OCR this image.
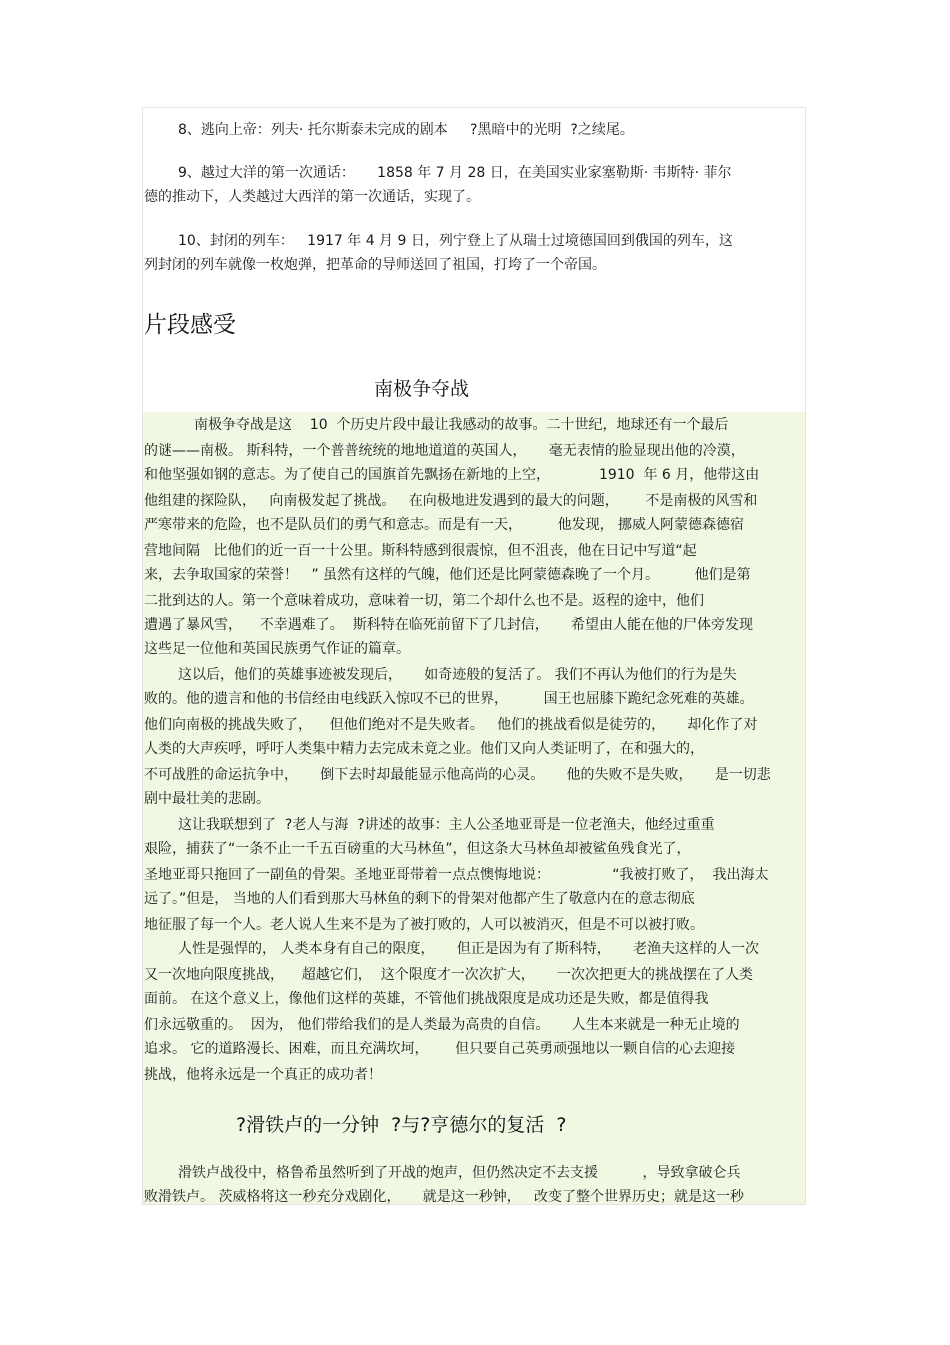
8、逃向上帝：列夫· 托尔斯泰未完成的剧本     ?黑暗中的光明  ?之续尾。
9、越过大洋的第一次通话：     1858 年 7 月 28 日，在美国实业家塞勒斯· 韦斯特· 菲尔
德的推动下，人类越过大西洋的第一次通话，实现了。
10、封闭的列车：   1917 年 4 月 9 日，列宁登上了从瑞士过境德国回到俄国的列车，这
列封闭的列车就像一枚炮弹，把革命的导师送回了祖国，打垮了一个帝国。
片段感受
南极争夺战
南极争夺战是这    10  个历史片段中最让我感动的故事。二十世纪，地球还有一个最后
的谜——南极。 斯科特，一个普普统统的地地道道的英国人，     毫无表情的脸显现出他的冷漠，
和他坚强如钢的意志。为了使自己的国旗首先飘扬在新地的上空，           1910  年 6 月，他带这由
他组建的探险队，   向南极发起了挑战。   在向极地进发遇到的最大的问题，      不是南极的风雪和
严寒带来的危险，也不是队员们的勇气和意志。而是有一天，        他发现， 挪威人阿蒙德森德宿
营地间隔   比他们的近一百一十公里。斯科特感到很震惊，但不沮丧，他在日记中写道“起
来，去争取国家的荣誉！   ” 虽然有这样的气魄，他们还是比阿蒙德森晚了一个月。        他们是第
二批到达的人。第一个意味着成功，意味着一切，第二个却什么也不是。返程的途中，他们
遭遇了暴风雪，    不幸遇难了。  斯科特在临死前留下了几封信，     希望由人能在他的尸体旁发现
这些足一位他和英国民族勇气作证的篇章。
这以后，他们的英雄事迹被发现后，     如奇迹般的复活了。 我们不再认为他们的行为是失
败的。他的遗言和他的书信经由电线跃入惊叹不已的世界，        国王也屈膝下跪纪念死难的英雄。
他们向南极的挑战失败了，    但他们绝对不是失败者。   他们的挑战看似是徒劳的，     却化作了对
人类的大声疾呼，呼吁人类集中精力去完成未竟之业。他们又向人类证明了，在和强大的，
不可战胜的命运抗争中，     倒下去时却最能显示他高尚的心灵。     他的失败不是失败，     是一切悲
剧中最壮美的悲剧。
这让我联想到了  ?老人与海  ?讲述的故事：主人公圣地亚哥是一位老渔夫，他经过重重
艰险，捕获了“一条不止一千五百磅重的大马林鱼”，但这条大马林鱼却被鲨鱼残食光了，
圣地亚哥只拖回了一副鱼的骨架。圣地亚哥带着一点点懊悔地说：              “我被打败了，  我出海太
远了。”但是， 当地的人们看到那大马林鱼的剩下的骨架对他都产生了敬意内在的意志彻底
地征服了每一个人。老人说人生来不是为了被打败的，人可以被消灭，但是不可以被打败。
人性是强悍的， 人类本身有自己的限度，     但正是因为有了斯科特，     老渔夫这样的人一次
又一次地向限度挑战，    超越它们，  这个限度才一次次扩大，     一次次把更大的挑战摆在了人类
面前。 在这个意义上，像他们这样的英雄，不管他们挑战限度是成功还是失败，都是值得我
们永远敬重的。  因为， 他们带给我们的是人类最为高贵的自信。     人生本来就是一种无止境的
追求。 它的道路漫长、困难，而且充满坎坷，      但只要自己英勇顽强地以一颗自信的心去迎接
挑战，他将永远是一个真正的成功者！
?滑铁卢的一分钟  ?与?亨德尔的复活  ?
滑铁卢战役中，格鲁希虽然听到了开战的炮声，但仍然决定不去支援          ，导致拿破仑兵
败滑铁卢。 茨威格将这一秒充分戏剧化，     就是这一秒钟，   改变了整个世界历史；就是这一秒
